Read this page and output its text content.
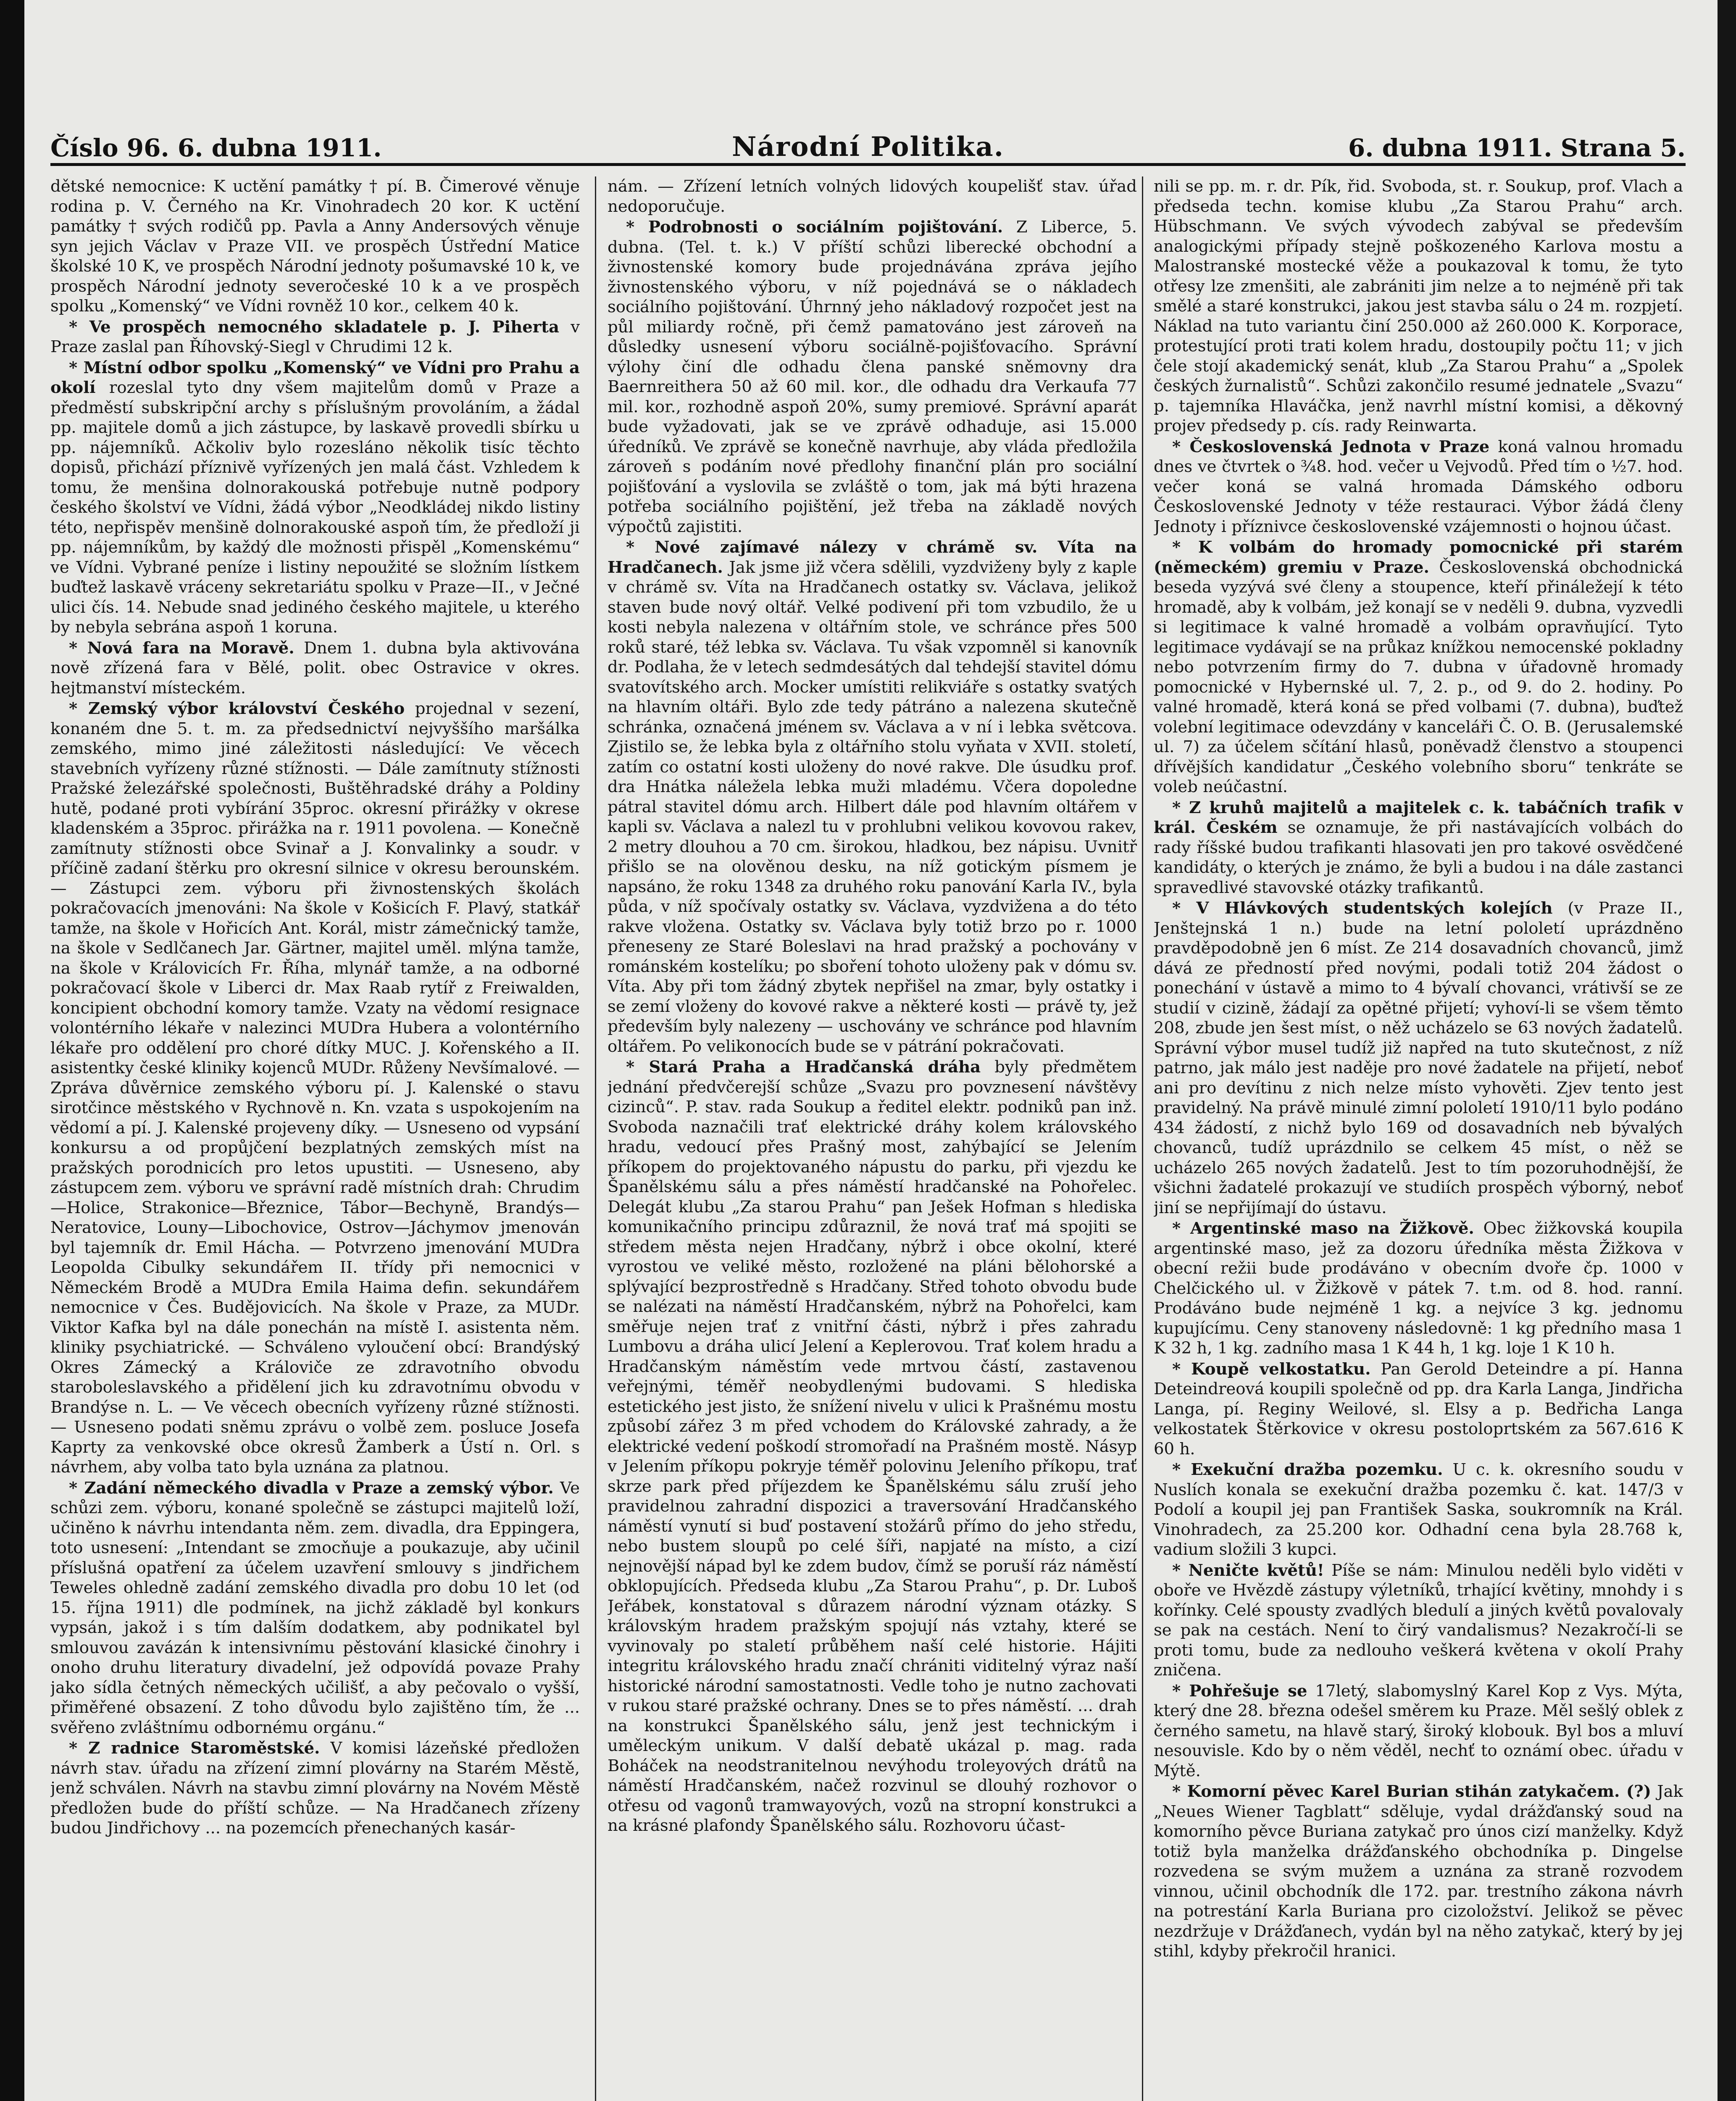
Číslo 96. 6. dubna 1911.	Národní Politika.	6. dubna 1911. Strana 5.

dětské nemocnice: K uctění památky † pí. B. Čimerové věnuje rodina p. V. Černého na Kr. Vinohradech 20 kor. K uctění památky † svých rodičů pp. Pavla a Anny Andersových věnuje syn jejich Václav v Praze VII. ve prospěch Ústřední Matice školské 10 K, ve prospěch Národní jednoty pošumavské 10 k, ve prospěch Národní jednoty severočeské 10 k a ve prospěch spolku „Komenský“ ve Vídni rovněž 10 kor., celkem 40 k.

* Ve prospěch nemocného skladatele p. J. Piherta v Praze zaslal pan Říhovský-Siegl v Chrudimi 12 k.

* Místní odbor spolku „Komenský“ ve Vídni pro Prahu a okolí rozeslal tyto dny všem majitelům domů v Praze a předměstí subskripční archy s příslušným provoláním, a žádal pp. majitele domů a jich zástupce, by laskavě provedli sbírku u pp. nájemníků. Ačkoliv bylo rozesláno několik tisíc těchto dopisů, přichází příznivě vyřízených jen malá část. Vzhledem k tomu, že menšina dolnorakouská potřebuje nutně podpory českého školství ve Vídni, žádá výbor „Neodkládej nikdo listiny této, nepřispěv menšině dolnorakouské aspoň tím, že předloží ji pp. nájemníkům, by každý dle možnosti přispěl „Komenskému“ ve Vídni. Vybrané peníze i listiny nepoužité se složním lístkem buďtež laskavě vráceny sekretariátu spolku v Praze—II., v Ječné ulici čís. 14. Nebude snad jediného českého majitele, u kterého by nebyla sebrána aspoň 1 koruna.

* Nová fara na Moravě. Dnem 1. dubna byla aktivována nově zřízená fara v Bělé, polit. obec Ostravice v okres. hejtmanství místeckém.

* Zemský výbor království Českého projednal v sezení, konaném dne 5. t. m. za předsednictví nejvyššího maršálka zemského, mimo jiné záležitosti následující: Ve věcech stavebních vyřízeny různé stížnosti. — Dále zamítnuty stížnosti Pražské železářské společnosti, Buštěhradské dráhy a Poldiny hutě, podané proti vybírání 35proc. okresní přirážky v okrese kladenském a 35proc. přirážka na r. 1911 povolena. — Konečně zamítnuty stížnosti obce Svinař a J. Konvalinky a soudr. v příčině zadaní štěrku pro okresní silnice v okresu berounském. — Zástupci zem. výboru při živnostenských školách pokračovacích jmenováni: Na škole v Košicích F. Plavý, statkář tamže, na škole v Hořicích Ant. Korál, mistr zámečnický tamže, na škole v Sedlčanech Jar. Gärtner, majitel uměl. mlýna tamže, na škole v Královicích Fr. Říha, mlynář tamže, a na odborné pokračovací škole v Liberci dr. Max Raab rytíř z Freiwalden, koncipient obchodní komory tamže. Vzaty na vědomí resignace volontérního lékaře v nalezinci MUDra Hubera a volontérního lékaře pro oddělení pro choré dítky MUC. J. Kořenského a II. asistentky české kliniky kojenců MUDr. Růženy Nevšímalové. — Zpráva důvěrnice zemského výboru pí. J. Kalenské o stavu sirotčince městského v Rychnově n. Kn. vzata s uspokojením na vědomí a pí. J. Kalenské projeveny díky. — Usneseno od vypsání konkursu a od propůjčení bezplatných zemských míst na pražských porodnicích pro letos upustiti. — Usneseno, aby zástupcem zem. výboru ve správní radě místních drah: Chrudim—Holice, Strakonice—Březnice, Tábor—Bechyně, Brandýs—Neratovice, Louny—Libochovice, Ostrov—Jáchymov jmenován byl tajemník dr. Emil Hácha. — Potvrzeno jmenování MUDra Leopolda Cibulky sekundářem II. třídy při nemocnici v Německém Brodě a MUDra Emila Haima defin. sekundářem nemocnice v Čes. Budějovicích. Na škole v Praze, za MUDr. Viktor Kafka byl na dále ponechán na místě I. asistenta něm. kliniky psychiatrické. — Schváleno vyloučení obcí: Brandýský Okres Zámecký a Královiče ze zdravotního obvodu staroboleslavského a přidělení jich ku zdravotnímu obvodu v Brandýse n. L. — Ve věcech obecních vyřízeny různé stížnosti. — Usneseno podati sněmu zprávu o volbě zem. posluce Josefa Kaprty za venkovské obce okresů Žamberk a Ústí n. Orl. s návrhem, aby volba tato byla uznána za platnou.

* Zadání německého divadla v Praze a zemský výbor. Ve schůzi zem. výboru, konané společně se zástupci majitelů loží, učiněno k návrhu intendanta něm. zem. divadla, dra Eppingera, toto usnesení: „Intendant se zmocňuje a poukazuje, aby učinil příslušná opatření za účelem uzavření smlouvy s jindřichem Teweles ohledně zadání zemského divadla pro dobu 10 let (od 15. října 1911) dle podmínek, na jichž základě byl konkurs vypsán, jakož i s tím dalším dodatkem, aby podnikatel byl smlouvou zavázán k intensivnímu pěstování klasické činohry i onoho druhu literatury divadelní, jež odpovídá povaze Prahy jako sídla četných německých učilišť, a aby pečovalo o vyšší, přiměřené obsazení. Z toho důvodu bylo zajištěno tím, že ... svěřeno zvláštnímu odbornému orgánu.“

* Z radnice Staroměstské. V komisi lázeňské předložen návrh stav. úřadu na zřízení zimní plovárny na Starém Městě, jenž schválen. Návrh na stavbu zimní plovárny na Novém Městě předložen bude do příští schůze. — Na Hradčanech zřízeny budou Jindřichovy ... na pozemcích přenechaných kasár-

nám. — Zřízení letních volných lidových koupelišť stav. úřad nedoporučuje.

* Podrobnosti o sociálním pojištování. Z Liberce, 5. dubna. (Tel. t. k.) V příští schůzi liberecké obchodní a živnostenské komory bude projednávána zpráva jejího živnostenského výboru, v níž pojednává se o nákladech sociálního pojištování. Úhrnný jeho nákladový rozpočet jest na půl miliardy ročně, při čemž pamatováno jest zároveň na důsledky usnesení výboru sociálně-pojišťovacího. Správní výlohy činí dle odhadu člena panské sněmovny dra Baernreithera 50 až 60 mil. kor., dle odhadu dra Verkaufa 77 mil. kor., rozhodně aspoň 20%, sumy premiové. Správní aparát bude vyžadovati, jak se ve zprávě odhaduje, asi 15.000 úředníků. Ve zprávě se konečně navrhuje, aby vláda předložila zároveň s podáním nové předlohy finanční plán pro sociální pojišťování a vyslovila se zvláště o tom, jak má býti hrazena potřeba sociálního pojištění, jež třeba na základě nových výpočtů zajistiti.

* Nové zajímavé nálezy v chrámě sv. Víta na Hradčanech. Jak jsme již včera sdělili, vyzdviženy byly z kaple v chrámě sv. Víta na Hradčanech ostatky sv. Václava, jelikož staven bude nový oltář. Velké podivení při tom vzbudilo, že u kosti nebyla nalezena v oltářním stole, ve schránce přes 500 roků staré, též lebka sv. Václava. Tu však vzpomněl si kanovník dr. Podlaha, že v letech sedmdesátých dal tehdejší stavitel dómu svatovítského arch. Mocker umístiti relikviáře s ostatky svatých na hlavním oltáři. Bylo zde tedy pátráno a nalezena skutečně schránka, označená jménem sv. Václava a v ní i lebka světcova. Zjistilo se, že lebka byla z oltářního stolu vyňata v XVII. století, zatím co ostatní kosti uloženy do nové rakve. Dle úsudku prof. dra Hnátka náležela lebka muži mladému. Včera dopoledne pátral stavitel dómu arch. Hilbert dále pod hlavním oltářem v kapli sv. Václava a nalezl tu v prohlubni velikou kovovou rakev, 2 metry dlouhou a 70 cm. širokou, hladkou, bez nápisu. Uvnitř přišlo se na olověnou desku, na níž gotickým písmem je napsáno, že roku 1348 za druhého roku panování Karla IV., byla půda, v níž spočívaly ostatky sv. Václava, vyzdvižena a do této rakve vložena. Ostatky sv. Václava byly totiž brzo po r. 1000 přeneseny ze Staré Boleslavi na hrad pražský a pochovány v románském kostelíku; po sboření tohoto uloženy pak v dómu sv. Víta. Aby při tom žádný zbytek nepřišel na zmar, byly ostatky i se zemí vloženy do kovové rakve a některé kosti — právě ty, jež především byly nalezeny — uschovány ve schránce pod hlavním oltářem. Po velikonocích bude se v pátrání pokračovati.

* Stará Praha a Hradčanská dráha byly předmětem jednání předvčerejší schůze „Svazu pro povznesení návštěvy cizinců“. P. stav. rada Soukup a ředitel elektr. podniků pan inž. Svoboda naznačili trať elektrické dráhy kolem královského hradu, vedoucí přes Prašný most, zahýbající se Jelením příkopem do projektovaného nápustu do parku, při vjezdu ke Španělskému sálu a přes náměstí hradčanské na Pohořelec. Delegát klubu „Za starou Prahu“ pan Ješek Hofman s hlediska komunikačního principu zdůraznil, že nová trať má spojiti se středem města nejen Hradčany, nýbrž i obce okolní, které vyrostou ve veliké město, rozložené na pláni bělohorské a splývající bezprostředně s Hradčany. Střed tohoto obvodu bude se nalézati na náměstí Hradčanském, nýbrž na Pohořelci, kam směřuje nejen trať z vnitřní části, nýbrž i přes zahradu Lumbovu a dráha ulicí Jelení a Keplerovou. Trať kolem hradu a Hradčanským náměstím vede mrtvou částí, zastavenou veřejnými, téměř neobydlenými budovami. S hlediska estetického jest jisto, že snížení nivelu v ulici k Prašnému mostu způsobí zářez 3 m před vchodem do Královské zahrady, a že elektrické vedení poškodí stromořadí na Prašném mostě. Násyp v Jelením příkopu pokryje téměř polovinu Jeleního příkopu, trať skrze park před příjezdem ke Španělskému sálu zruší jeho pravidelnou zahradní dispozici a traversování Hradčanského náměstí vynutí si buď postavení stožárů přímo do jeho středu, nebo bustem sloupů po celé šíři, napjaté na místo, a cizí nejnovější nápad byl ke zdem budov, čímž se poruší ráz náměstí obklopujících. Předseda klubu „Za Starou Prahu“, p. Dr. Luboš Jeřábek, konstatoval s důrazem národní význam otázky. S královským hradem pražským spojují nás vztahy, které se vyvinovaly po staletí průběhem naší celé historie. Hájiti integritu královského hradu značí chrániti viditelný výraz naší historické národní samostatnosti. Vedle toho je nutno zachovati v rukou staré pražské ochrany. Dnes se to přes náměstí. ... drah na konstrukci Španělského sálu, jenž jest technickým i uměleckým unikum. V další debatě ukázal p. mag. rada Boháček na neodstranitelnou nevýhodu troleyových drátů na náměstí Hradčanském, načež rozvinul se dlouhý rozhovor o otřesu od vagonů tramwayových, vozů na stropní konstrukci a na krásné plafondy Španělského sálu. Rozhovoru účast-

nili se pp. m. r. dr. Pík, řid. Svoboda, st. r. Soukup, prof. Vlach a předseda techn. komise klubu „Za Starou Prahu“ arch. Hübschmann. Ve svých vývodech zabýval se především analogickými případy stejně poškozeného Karlova mostu a Malostranské mostecké věže a poukazoval k tomu, že tyto otřesy lze zmenšiti, ale zabrániti jim nelze a to nejméně při tak smělé a staré konstrukci, jakou jest stavba sálu o 24 m. rozpjetí. Náklad na tuto variantu činí 250.000 až 260.000 K. Korporace, protestující proti trati kolem hradu, dostoupily počtu 11; v jich čele stojí akademický senát, klub „Za Starou Prahu“ a „Spolek českých žurnalistů“. Schůzi zakončilo resumé jednatele „Svazu“ p. tajemníka Hlaváčka, jenž navrhl místní komisi, a děkovný projev předsedy p. cís. rady Reinwarta.

* Československá Jednota v Praze koná valnou hromadu dnes ve čtvrtek o ¾8. hod. večer u Vejvodů. Před tím o ½7. hod. večer koná se valná hromada Dámského odboru Československé Jednoty v téže restauraci. Výbor žádá členy Jednoty i příznivce československé vzájemnosti o hojnou účast.

* K volbám do hromady pomocnické při starém (německém) gremiu v Praze. Československá obchodnická beseda vyzývá své členy a stoupence, kteří přináležejí k této hromadě, aby k volbám, jež konají se v neděli 9. dubna, vyzvedli si legitimace k valné hromadě a volbám opravňující. Tyto legitimace vydávají se na průkaz knížkou nemocenské pokladny nebo potvrzením firmy do 7. dubna v úřadovně hromady pomocnické v Hybernské ul. 7, 2. p., od 9. do 2. hodiny. Po valné hromadě, která koná se před volbami (7. dubna), buďtež volební legitimace odevzdány v kanceláři Č. O. B. (Jerusalemské ul. 7) za účelem sčítání hlasů, poněvadž členstvo a stoupenci dřívějších kandidatur „Českého volebního sboru“ tenkráte se voleb neúčastní.

* Z kruhů majitelů a majitelek c. k. tabáčních trafik v král. Českém se oznamuje, že při nastávajících volbách do rady říšské budou trafikanti hlasovati jen pro takové osvědčené kandidáty, o kterých je známo, že byli a budou i na dále zastanci spravedlivé stavovské otázky trafikantů.

* V Hlávkových studentských kolejích (v Praze II., Jenštejnská 1 n.) bude na letní pololetí uprázdněno pravděpodobně jen 6 míst. Ze 214 dosavadních chovanců, jimž dává ze předností před novými, podali totiž 204 žádost o ponechání v ústavě a mimo to 4 bývalí chovanci, vrátivší se ze studií v cizině, žádají za opětné přijetí; vyhoví-li se všem těmto 208, zbude jen šest míst, o něž ucházelo se 63 nových žadatelů. Správní výbor musel tudíž již napřed na tuto skutečnost, z níž patrno, jak málo jest naděje pro nové žadatele na přijetí, neboť ani pro devítinu z nich nelze místo vyhověti. Zjev tento jest pravidelný. Na právě minulé zimní pololetí 1910/11 bylo podáno 434 žádostí, z nichž bylo 169 od dosavadních neb bývalých chovanců, tudíž uprázdnilo se celkem 45 míst, o něž se ucházelo 265 nových žadatelů. Jest to tím pozoruhodnější, že všichni žadatelé prokazují ve studiích prospěch výborný, neboť jiní se nepřijímají do ústavu.

* Argentinské maso na Žižkově. Obec žižkovská koupila argentinské maso, jež za dozoru úředníka města Žižkova v obecní režii bude prodáváno v obecním dvoře čp. 1000 v Chelčického ul. v Žižkově v pátek 7. t.m. od 8. hod. ranní. Prodáváno bude nejméně 1 kg. a nejvíce 3 kg. jednomu kupujícímu. Ceny stanoveny následovně: 1 kg předního masa 1 K 32 h, 1 kg. zadního masa 1 K 44 h, 1 kg. loje 1 K 10 h.

* Koupě velkostatku. Pan Gerold Deteindre a pí. Hanna Deteindreová koupili společně od pp. dra Karla Langa, Jindřicha Langa, pí. Reginy Weilové, sl. Elsy a p. Bedřicha Langa velkostatek Štěrkovice v okresu postoloprtském za 567.616 K 60 h.

* Exekuční dražba pozemku. U c. k. okresního soudu v Nuslích konala se exekuční dražba pozemku č. kat. 147/3 v Podolí a koupil jej pan František Saska, soukromník na Král. Vinohradech, za 25.200 kor. Odhadní cena byla 28.768 k, vadium složili 3 kupci.

* Neničte květů! Píše se nám: Minulou neděli bylo viděti v oboře ve Hvězdě zástupy výletníků, trhající květiny, mnohdy i s kořínky. Celé spousty zvadlých bledulí a jiných květů povalovaly se pak na cestách. Není to čirý vandalismus? Nezakročí-li se proti tomu, bude za nedlouho veškerá květena v okolí Prahy zničena.

* Pohřešuje se 17letý, slabomyslný Karel Kop z Vys. Mýta, který dne 28. března odešel směrem ku Praze. Měl sešlý oblek z černého sametu, na hlavě starý, široký klobouk. Byl bos a mluví nesouvisle. Kdo by o něm věděl, nechť to oznámí obec. úřadu v Mýtě.

* Komorní pěvec Karel Burian stihán zatykačem. (?) Jak „Neues Wiener Tagblatt“ sděluje, vydal drážďanský soud na komorního pěvce Buriana zatykač pro únos cizí manželky. Když totiž byla manželka drážďanského obchodníka p. Dingelse rozvedena se svým mužem a uznána za straně rozvodem vinnou, učinil obchodník dle 172. par. trestního zákona návrh na potrestání Karla Buriana pro cizoložství. Jelikož se pěvec nezdržuje v Drážďanech, vydán byl na něho zatykač, který by jej stihl, kdyby překročil hranici.
